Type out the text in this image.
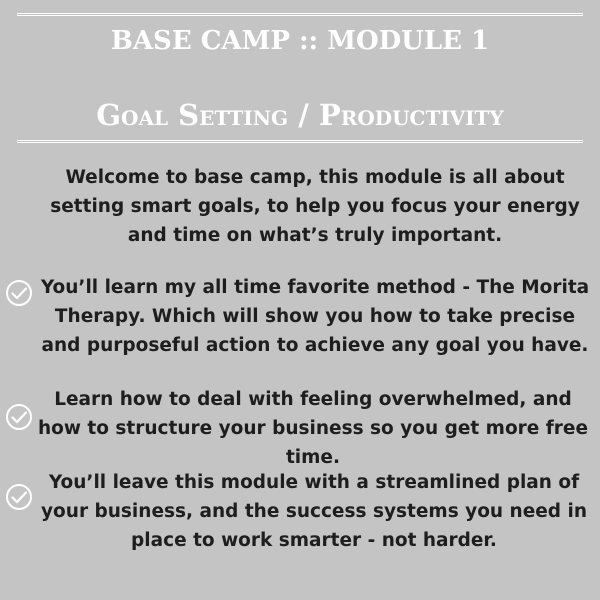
BASE CAMP :: MODULE 1
Goal Setting / Productivity

Welcome to base camp, this module is all about setting smart goals, to help you focus your energy and time on what’s truly important.

You’ll learn my all time favorite method - The Morita Therapy. Which will show you how to take precise and purposeful action to achieve any goal you have.

Learn how to deal with feeling overwhelmed, and how to structure your business so you get more free time.

You’ll leave this module with a streamlined plan of your business, and the success systems you need in place to work smarter - not harder.
